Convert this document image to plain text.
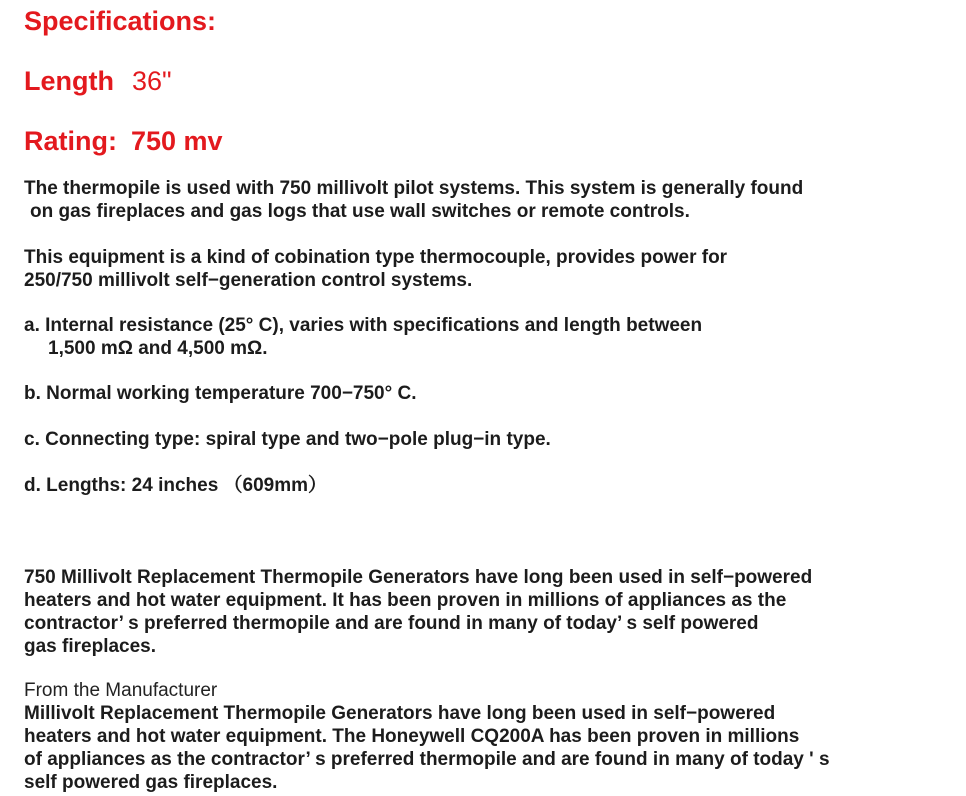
Specifications:
Length 36"
Rating: 750 mv
The thermopile is used with 750 millivolt pilot systems. This system is generally found
on gas fireplaces and gas logs that use wall switches or remote controls.
This equipment is a kind of cobination type thermocouple, provides power for
250/750 millivolt self−generation control systems.
a. Internal resistance (25° C), varies with specifications and length between
1,500 mΩ and 4,500 mΩ.
b. Normal working temperature 700−750° C.
c. Connecting type: spiral type and two−pole plug−in type.
d. Lengths: 24 inches （609mm）
750 Millivolt Replacement Thermopile Generators have long been used in self−powered
heaters and hot water equipment. It has been proven in millions of appliances as the
contractor’ s preferred thermopile and are found in many of today’ s self powered
gas fireplaces.
From the Manufacturer
Millivolt Replacement Thermopile Generators have long been used in self−powered
heaters and hot water equipment. The Honeywell CQ200A has been proven in millions
of appliances as the contractor’ s preferred thermopile and are found in many of today ' s
self powered gas fireplaces.
